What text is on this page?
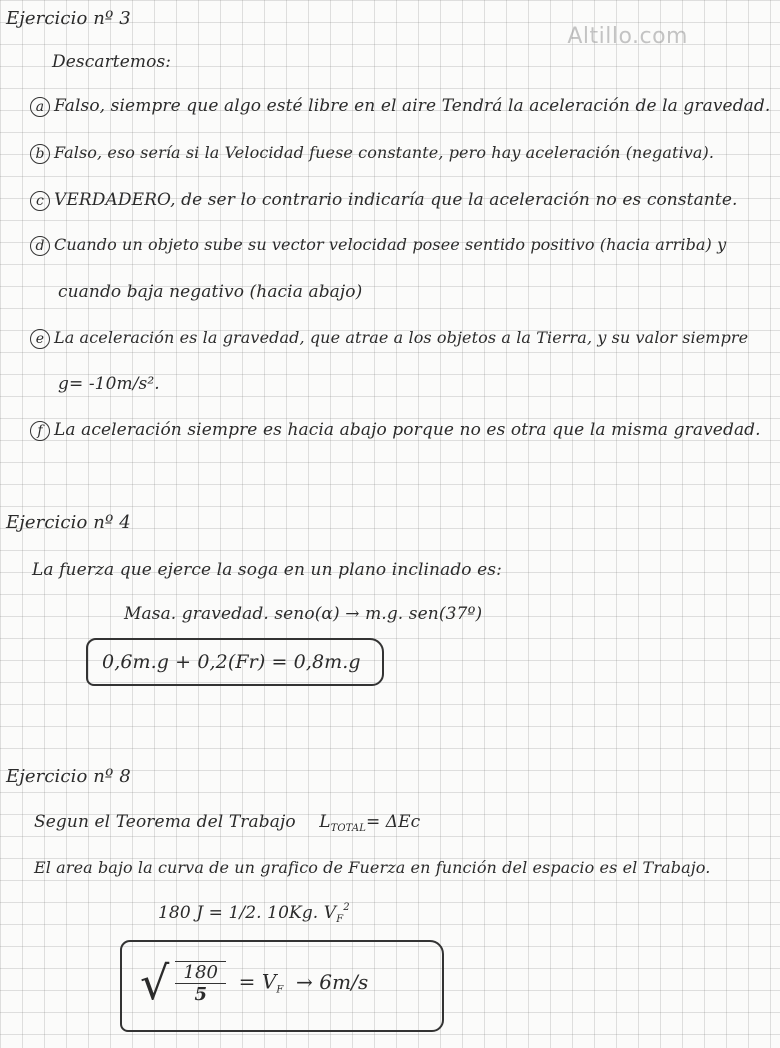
Altillo.com
Ejercicio nº 3
Descartemos:
a Falso, siempre que algo esté libre en el aire Tendrá la aceleración de la gravedad.
b Falso, eso sería si la Velocidad fuese constante, pero hay aceleración (negativa).
c VERDADERO, de ser lo contrario indicaría que la aceleración no es constante.
d Cuando un objeto sube su vector velocidad posee sentido positivo (hacia arriba) y
cuando baja negativo (hacia abajo)
e La aceleración es la gravedad, que atrae a los objetos a la Tierra, y su valor siempre
g= -10m/s².
f La aceleración siempre es hacia abajo porque no es otra que la misma gravedad.
Ejercicio nº 4
La fuerza que ejerce la soga en un plano inclinado es:
Masa. gravedad. seno(α) → m.g. sen(37º)
0,6m.g + 0,2(Fr) = 0,8m.g
Ejercicio nº 8
Segun el Teorema del Trabajo $L_{TOTAL}= \Delta Ec$
El area bajo la curva de un grafico de Fuerza en función del espacio es el Trabajo.
180 J = 1/2. 10Kg. $V_F^2$
√ $\frac{180}{5} = V_F \to 6m/s$
